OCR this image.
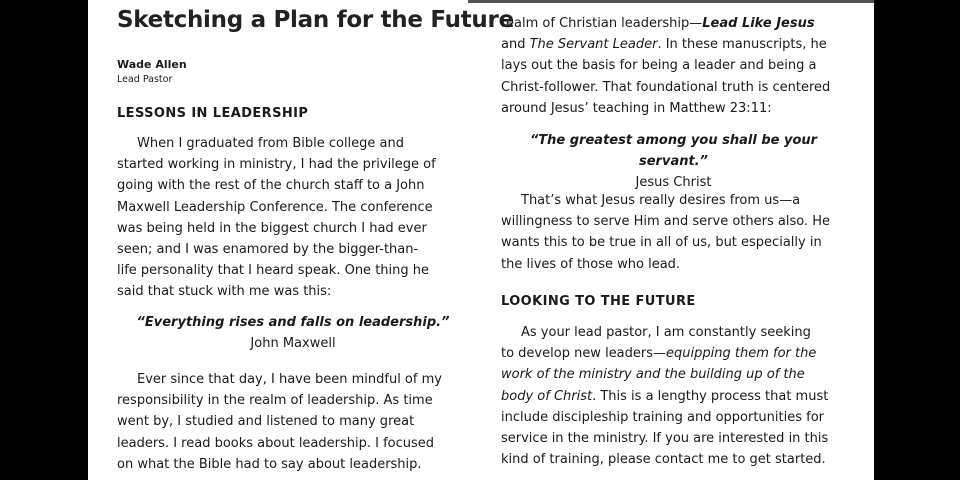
Sketching a Plan for the Future
Wade Allen
Lead Pastor
LESSONS IN LEADERSHIP

When I graduated from Bible college and
started working in ministry, I had the privilege of
going with the rest of the church staff to a John
Maxwell Leadership Conference. The conference
was being held in the biggest church I had ever
seen; and I was enamored by the bigger-than-
life personality that I heard speak. One thing he
said that stuck with me was this:

“Everything rises and falls on leadership.”
John Maxwell

Ever since that day, I have been mindful of my
responsibility in the realm of leadership. As time
went by, I studied and listened to many great
leaders. I read books about leadership. I focused
on what the Bible had to say about leadership.

realm of Christian leadership—Lead Like Jesus
and The Servant Leader. In these manuscripts, he
lays out the basis for being a leader and being a
Christ-follower. That foundational truth is centered
around Jesus’ teaching in Matthew 23:11:

“The greatest among you shall be your servant.”
Jesus Christ

That’s what Jesus really desires from us—a
willingness to serve Him and serve others also. He
wants this to be true in all of us, but especially in
the lives of those who lead.

LOOKING TO THE FUTURE

As your lead pastor, I am constantly seeking
to develop new leaders—equipping them for the
work of the ministry and the building up of the
body of Christ. This is a lengthy process that must
include discipleship training and opportunities for
service in the ministry. If you are interested in this
kind of training, please contact me to get started.
